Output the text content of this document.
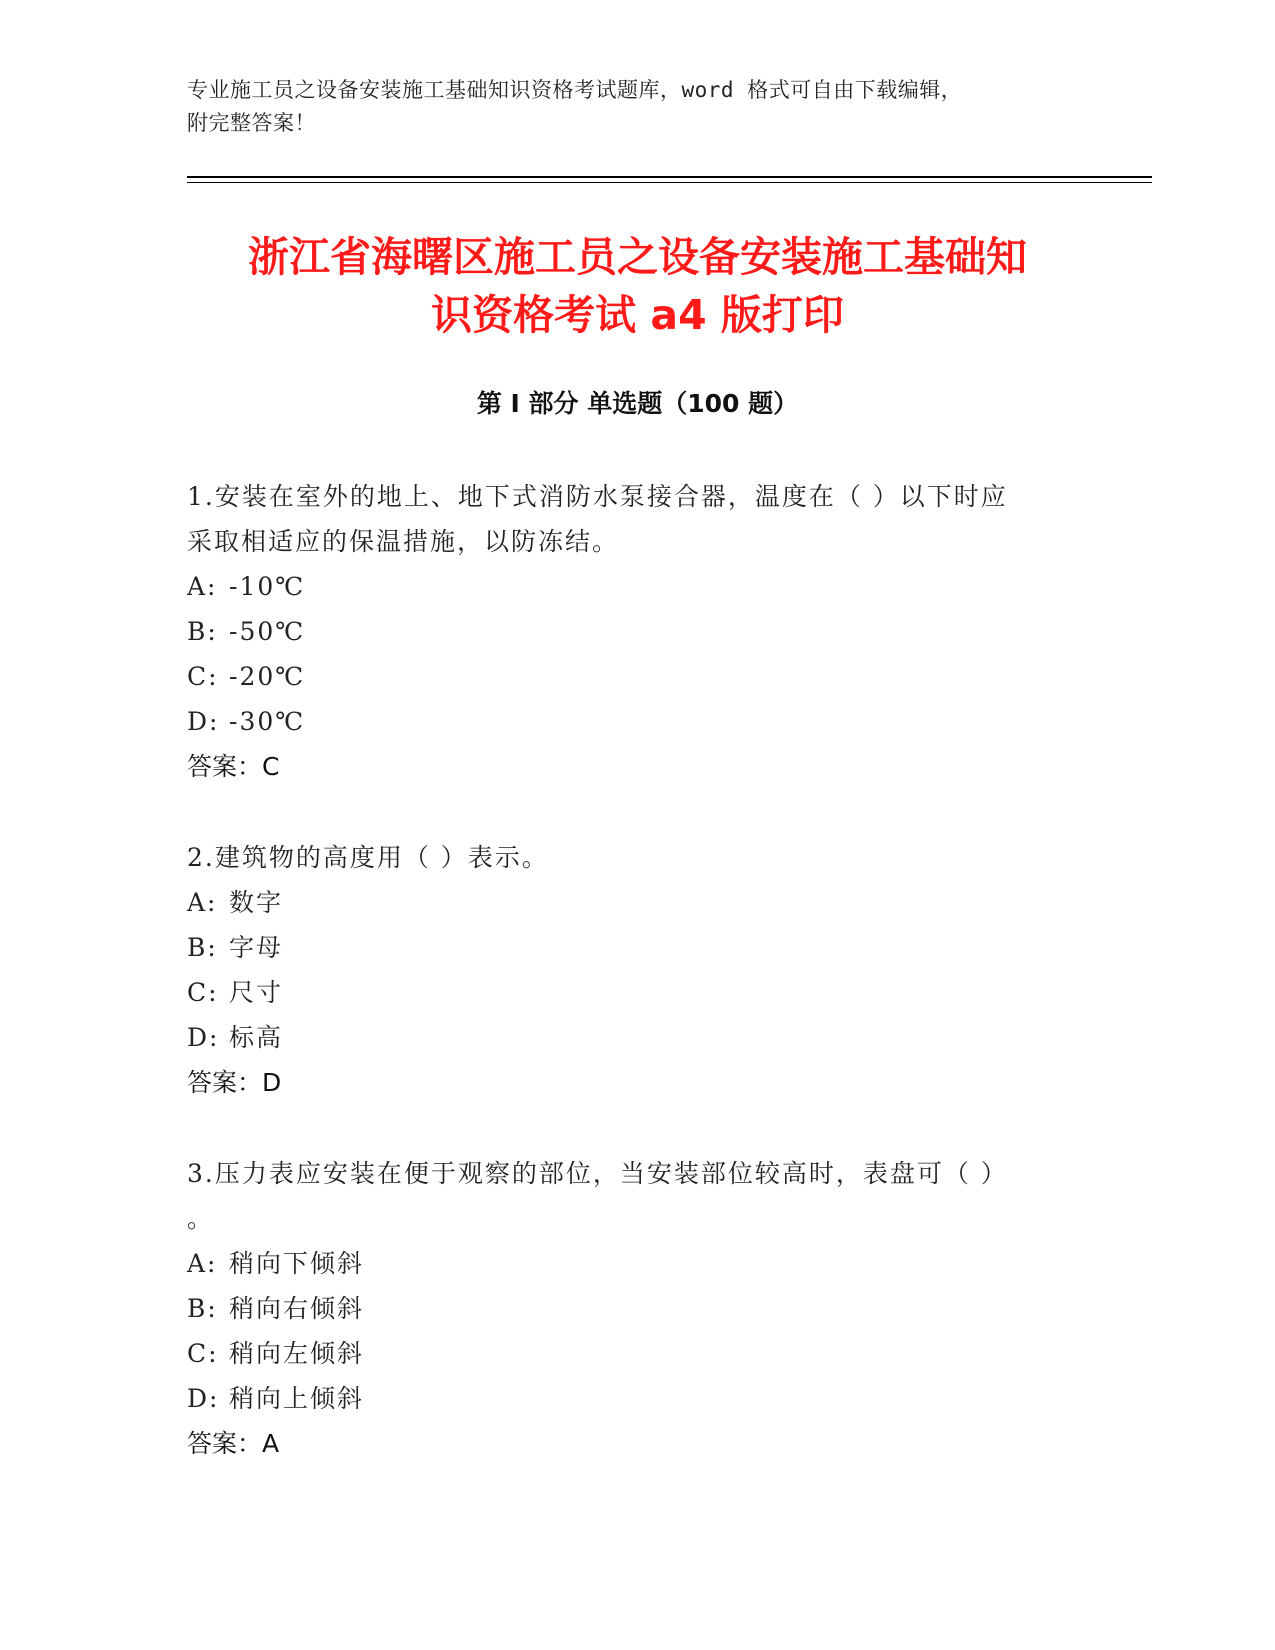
专业施工员之设备安装施工基础知识资格考试题库，word 格式可自由下载编辑，
附完整答案！
浙江省海曙区施工员之设备安装施工基础知
识资格考试 a4 版打印
第 I 部分 单选题（100 题）

1.安装在室外的地上、地下式消防水泵接合器，温度在（ ）以下时应

采取相适应的保温措施，以防冻结。

A: -10℃
B: -50℃
C: -20℃
D: -30℃

答案：C

2.建筑物的高度用（ ）表示。

A: 数字
B: 字母
C: 尺寸
D: 标高

答案：D

3.压力表应安装在便于观察的部位，当安装部位较高时，表盘可（ ）

。

A: 稍向下倾斜
B: 稍向右倾斜
C: 稍向左倾斜
D: 稍向上倾斜

答案：A
